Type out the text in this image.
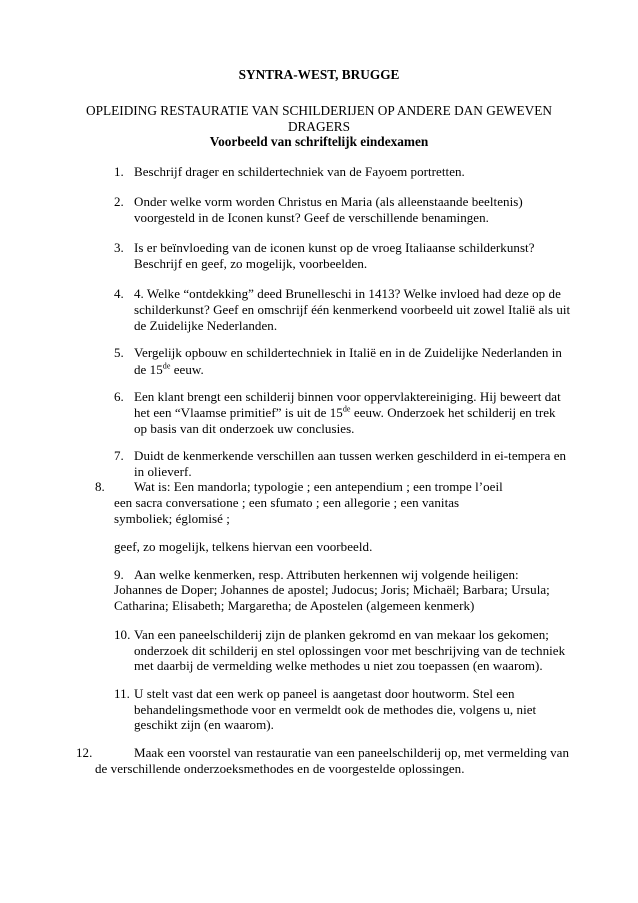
SYNTRA-WEST, BRUGGE
OPLEIDING RESTAURATIE VAN SCHILDERIJEN OP ANDERE DAN GEWEVEN
DRAGERS
Voorbeeld van schriftelijk eindexamen
1. Beschrijf drager en schildertechniek van de Fayoem portretten.
2. Onder welke vorm worden Christus en Maria (als alleenstaande beeltenis)
voorgesteld in de Iconen kunst? Geef de verschillende benamingen.
3. Is er beïnvloeding van de iconen kunst op de vroeg Italiaanse schilderkunst?
Beschrijf en geef, zo mogelijk, voorbeelden.
4. 4. Welke “ontdekking” deed Brunelleschi in 1413? Welke invloed had deze op de
schilderkunst? Geef en omschrijf één kenmerkend voorbeeld uit zowel Italië als uit
de Zuidelijke Nederlanden.
5. Vergelijk opbouw en schildertechniek in Italië en in de Zuidelijke Nederlanden in
de 15de eeuw.
6. Een klant brengt een schilderij binnen voor oppervlaktereiniging. Hij beweert dat
het een “Vlaamse primitief” is uit de 15de eeuw. Onderzoek het schilderij en trek
op basis van dit onderzoek uw conclusies.
7. Duidt de kenmerkende verschillen aan tussen werken geschilderd in ei-tempera en
in olieverf.
8. Wat is: Een mandorla; typologie ; een antependium ; een trompe l’oeil
een sacra conversatione ; een sfumato ; een allegorie ; een vanitas
symboliek; églomisé ;
geef, zo mogelijk, telkens hiervan een voorbeeld.
9. Aan welke kenmerken, resp. Attributen herkennen wij volgende heiligen:
Johannes de Doper; Johannes de apostel; Judocus; Joris; Michaël; Barbara; Ursula;
Catharina; Elisabeth; Margaretha; de Apostelen (algemeen kenmerk)
10. Van een paneelschilderij zijn de planken gekromd en van mekaar los gekomen;
onderzoek dit schilderij en stel oplossingen voor met beschrijving van de techniek
met daarbij de vermelding welke methodes u niet zou toepassen (en waarom).
11. U stelt vast dat een werk op paneel is aangetast door houtworm. Stel een
behandelingsmethode voor en vermeldt ook de methodes die, volgens u, niet
geschikt zijn (en waarom).
12.	Maak een voorstel van restauratie van een paneelschilderij op, met vermelding van
de verschillende onderzoeksmethodes en de voorgestelde oplossingen.
